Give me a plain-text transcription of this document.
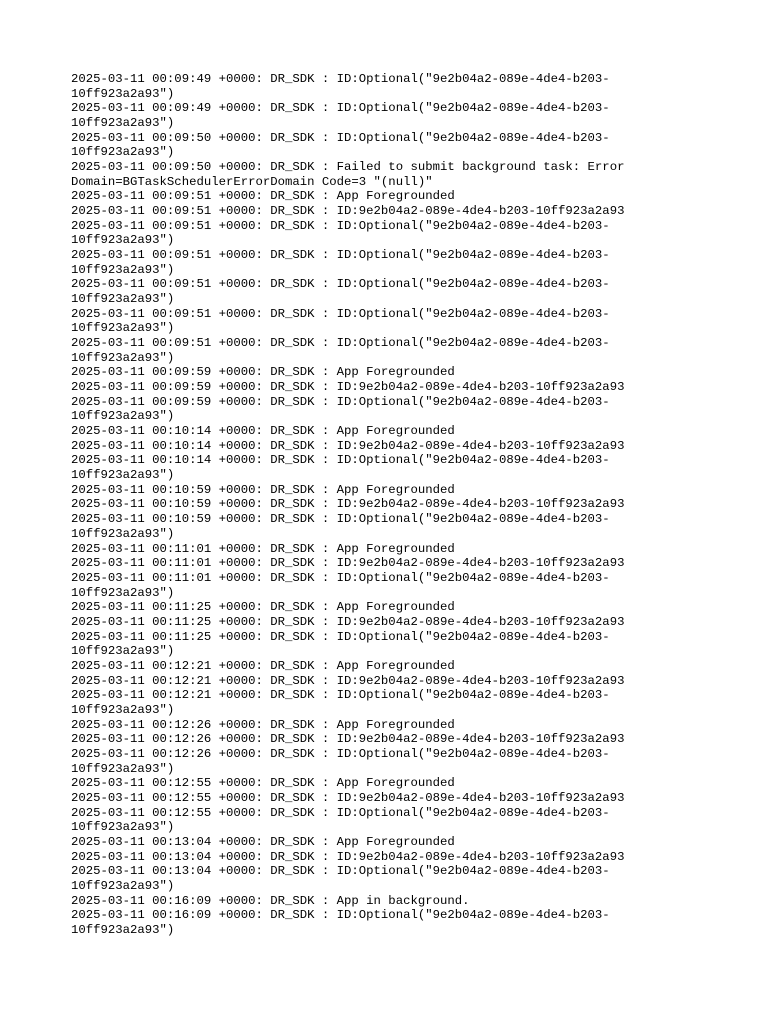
2025-03-11 00:09:49 +0000: DR_SDK : ID:Optional("9e2b04a2-089e-4de4-b203-
10ff923a2a93")
2025-03-11 00:09:49 +0000: DR_SDK : ID:Optional("9e2b04a2-089e-4de4-b203-
10ff923a2a93")
2025-03-11 00:09:50 +0000: DR_SDK : ID:Optional("9e2b04a2-089e-4de4-b203-
10ff923a2a93")
2025-03-11 00:09:50 +0000: DR_SDK : Failed to submit background task: Error
Domain=BGTaskSchedulerErrorDomain Code=3 "(null)"
2025-03-11 00:09:51 +0000: DR_SDK : App Foregrounded
2025-03-11 00:09:51 +0000: DR_SDK : ID:9e2b04a2-089e-4de4-b203-10ff923a2a93
2025-03-11 00:09:51 +0000: DR_SDK : ID:Optional("9e2b04a2-089e-4de4-b203-
10ff923a2a93")
2025-03-11 00:09:51 +0000: DR_SDK : ID:Optional("9e2b04a2-089e-4de4-b203-
10ff923a2a93")
2025-03-11 00:09:51 +0000: DR_SDK : ID:Optional("9e2b04a2-089e-4de4-b203-
10ff923a2a93")
2025-03-11 00:09:51 +0000: DR_SDK : ID:Optional("9e2b04a2-089e-4de4-b203-
10ff923a2a93")
2025-03-11 00:09:51 +0000: DR_SDK : ID:Optional("9e2b04a2-089e-4de4-b203-
10ff923a2a93")
2025-03-11 00:09:59 +0000: DR_SDK : App Foregrounded
2025-03-11 00:09:59 +0000: DR_SDK : ID:9e2b04a2-089e-4de4-b203-10ff923a2a93
2025-03-11 00:09:59 +0000: DR_SDK : ID:Optional("9e2b04a2-089e-4de4-b203-
10ff923a2a93")
2025-03-11 00:10:14 +0000: DR_SDK : App Foregrounded
2025-03-11 00:10:14 +0000: DR_SDK : ID:9e2b04a2-089e-4de4-b203-10ff923a2a93
2025-03-11 00:10:14 +0000: DR_SDK : ID:Optional("9e2b04a2-089e-4de4-b203-
10ff923a2a93")
2025-03-11 00:10:59 +0000: DR_SDK : App Foregrounded
2025-03-11 00:10:59 +0000: DR_SDK : ID:9e2b04a2-089e-4de4-b203-10ff923a2a93
2025-03-11 00:10:59 +0000: DR_SDK : ID:Optional("9e2b04a2-089e-4de4-b203-
10ff923a2a93")
2025-03-11 00:11:01 +0000: DR_SDK : App Foregrounded
2025-03-11 00:11:01 +0000: DR_SDK : ID:9e2b04a2-089e-4de4-b203-10ff923a2a93
2025-03-11 00:11:01 +0000: DR_SDK : ID:Optional("9e2b04a2-089e-4de4-b203-
10ff923a2a93")
2025-03-11 00:11:25 +0000: DR_SDK : App Foregrounded
2025-03-11 00:11:25 +0000: DR_SDK : ID:9e2b04a2-089e-4de4-b203-10ff923a2a93
2025-03-11 00:11:25 +0000: DR_SDK : ID:Optional("9e2b04a2-089e-4de4-b203-
10ff923a2a93")
2025-03-11 00:12:21 +0000: DR_SDK : App Foregrounded
2025-03-11 00:12:21 +0000: DR_SDK : ID:9e2b04a2-089e-4de4-b203-10ff923a2a93
2025-03-11 00:12:21 +0000: DR_SDK : ID:Optional("9e2b04a2-089e-4de4-b203-
10ff923a2a93")
2025-03-11 00:12:26 +0000: DR_SDK : App Foregrounded
2025-03-11 00:12:26 +0000: DR_SDK : ID:9e2b04a2-089e-4de4-b203-10ff923a2a93
2025-03-11 00:12:26 +0000: DR_SDK : ID:Optional("9e2b04a2-089e-4de4-b203-
10ff923a2a93")
2025-03-11 00:12:55 +0000: DR_SDK : App Foregrounded
2025-03-11 00:12:55 +0000: DR_SDK : ID:9e2b04a2-089e-4de4-b203-10ff923a2a93
2025-03-11 00:12:55 +0000: DR_SDK : ID:Optional("9e2b04a2-089e-4de4-b203-
10ff923a2a93")
2025-03-11 00:13:04 +0000: DR_SDK : App Foregrounded
2025-03-11 00:13:04 +0000: DR_SDK : ID:9e2b04a2-089e-4de4-b203-10ff923a2a93
2025-03-11 00:13:04 +0000: DR_SDK : ID:Optional("9e2b04a2-089e-4de4-b203-
10ff923a2a93")
2025-03-11 00:16:09 +0000: DR_SDK : App in background.
2025-03-11 00:16:09 +0000: DR_SDK : ID:Optional("9e2b04a2-089e-4de4-b203-
10ff923a2a93")
